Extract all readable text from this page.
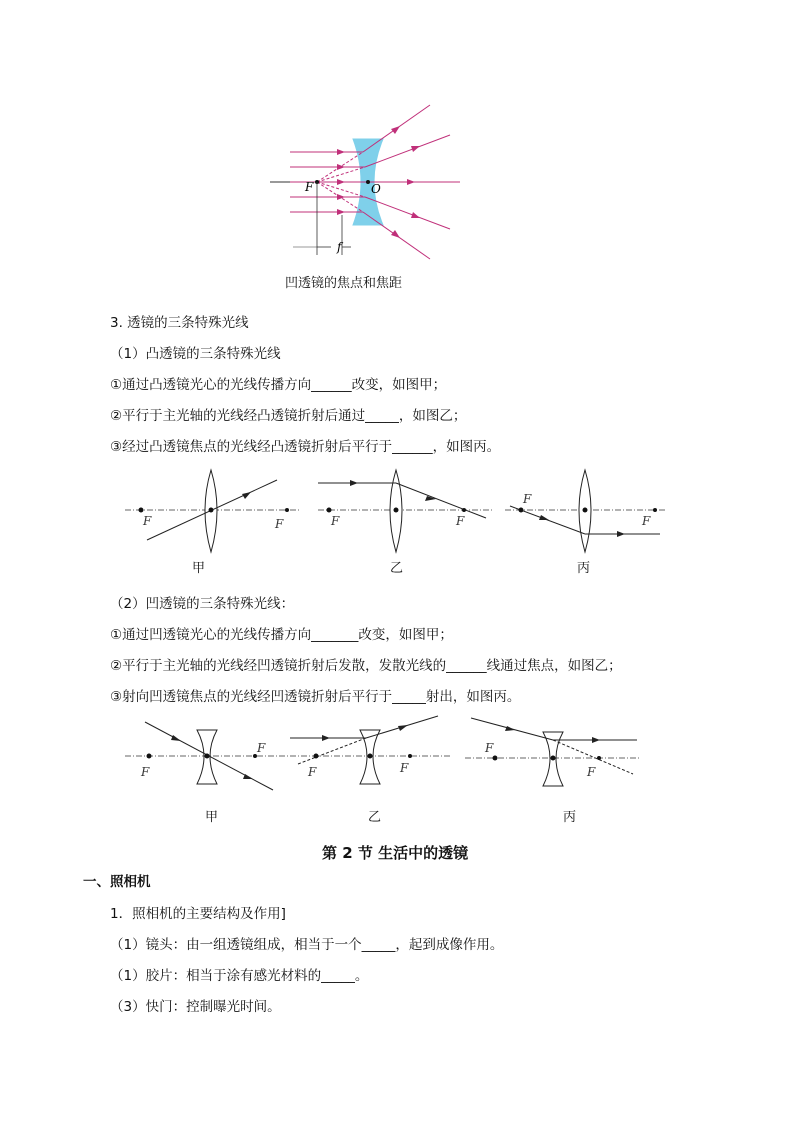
F	O
f
凹透镜的焦点和焦距
3. 透镜的三条特殊光线
（1）凸透镜的三条特殊光线
①通过凸透镜光心的光线传播方向______改变，如图甲；
②平行于主光轴的光线经凸透镜折射后通过_____，如图乙；
③经过凸透镜焦点的光线经凸透镜折射后平行于______，如图丙。
F	F	F	F
F
F
甲	乙	丙
（2）凹透镜的三条特殊光线：
①通过凹透镜光心的光线传播方向_______改变，如图甲；
②平行于主光轴的光线经凹透镜折射后发散，发散光线的______线通过焦点，如图乙；
③射向凹透镜焦点的光线经凹透镜折射后平行于_____射出，如图丙。
F
F
F	F
F
F
甲	乙	丙
第 2 节 生活中的透镜
一、照相机
1．照相机的主要结构及作用]
（1）镜头：由一组透镜组成，相当于一个_____，起到成像作用。
（1）胶片：相当于涂有感光材料的_____。
（3）快门：控制曝光时间。
